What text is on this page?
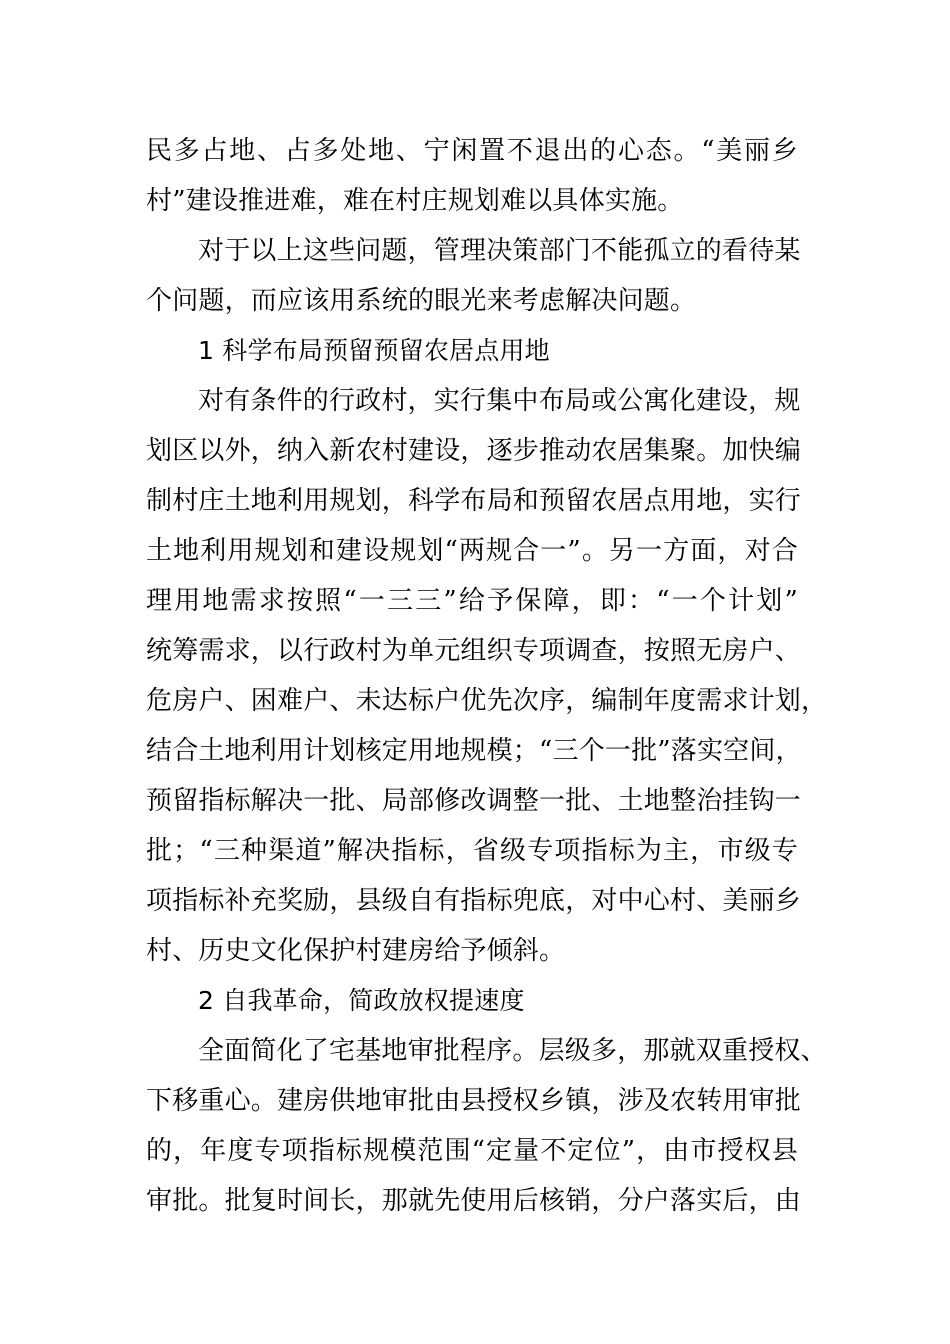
民多占地、占多处地、宁闲置不退出的心态。“美丽乡
村”建设推进难，难在村庄规划难以具体实施。
对于以上这些问题，管理决策部门不能孤立的看待某
个问题，而应该用系统的眼光来考虑解决问题。
1 科学布局预留预留农居点用地
对有条件的行政村，实行集中布局或公寓化建设，规
划区以外，纳入新农村建设，逐步推动农居集聚。加快编
制村庄土地利用规划，科学布局和预留农居点用地，实行
土地利用规划和建设规划“两规合一”。另一方面，对合
理用地需求按照“一三三”给予保障，即：“一个计划”
统筹需求，以行政村为单元组织专项调查，按照无房户、
危房户、困难户、未达标户优先次序，编制年度需求计划，
结合土地利用计划核定用地规模；“三个一批”落实空间，
预留指标解决一批、局部修改调整一批、土地整治挂钩一
批；“三种渠道”解决指标，省级专项指标为主，市级专
项指标补充奖励，县级自有指标兜底，对中心村、美丽乡
村、历史文化保护村建房给予倾斜。
2 自我革命，简政放权提速度
全面简化了宅基地审批程序。层级多，那就双重授权、
下移重心。建房供地审批由县授权乡镇，涉及农转用审批
的，年度专项指标规模范围“定量不定位”，由市授权县
审批。批复时间长，那就先使用后核销，分户落实后，由
